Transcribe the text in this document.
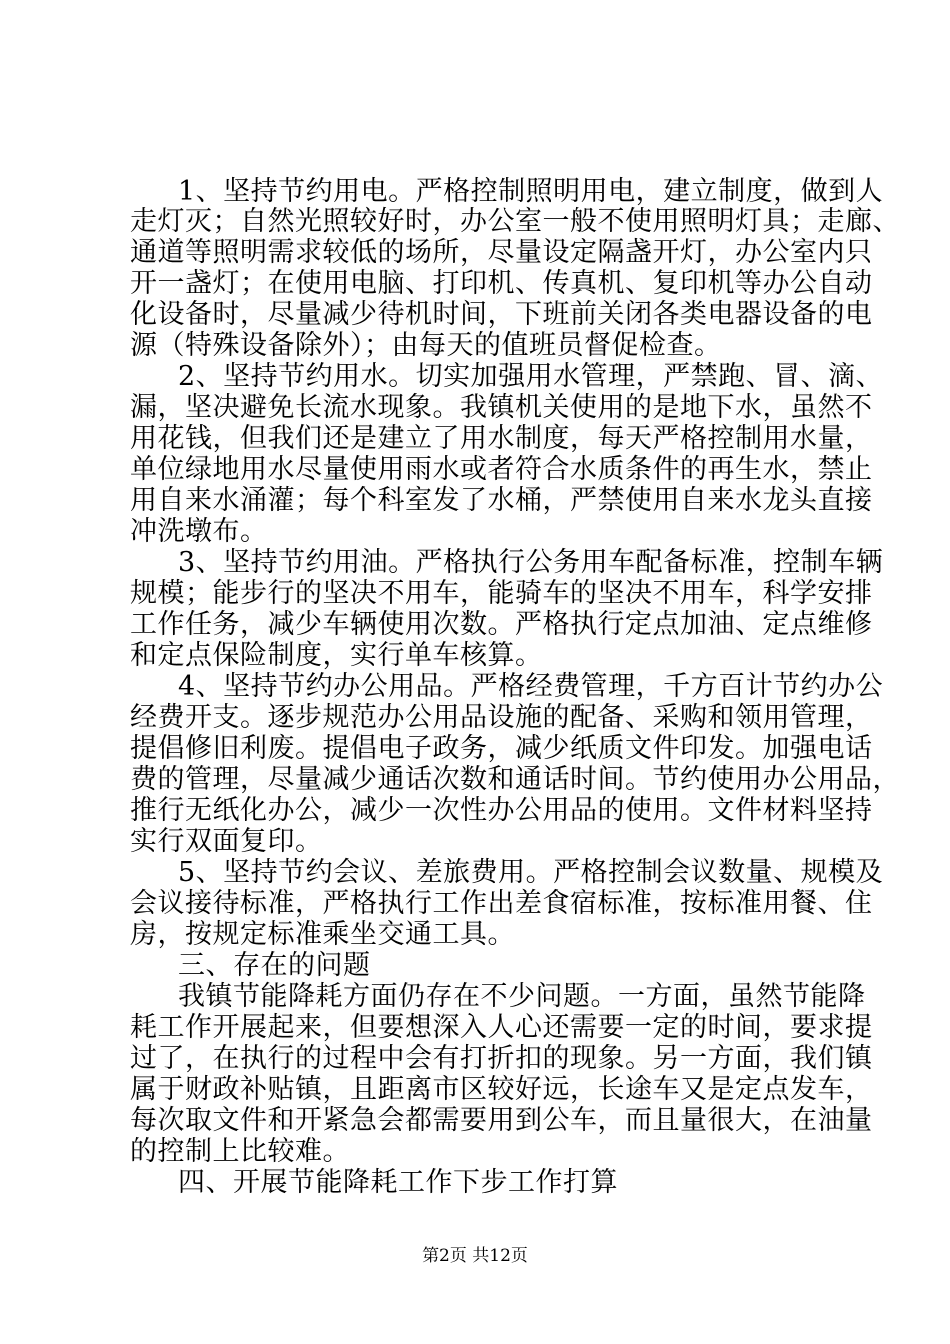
1、坚持节约用电。严格控制照明用电，建立制度，做到人
走灯灭；自然光照较好时，办公室一般不使用照明灯具；走廊、
通道等照明需求较低的场所，尽量设定隔盏开灯，办公室内只
开一盏灯；在使用电脑、打印机、传真机、复印机等办公自动
化设备时，尽量减少待机时间，下班前关闭各类电器设备的电
源（特殊设备除外）；由每天的值班员督促检查。
2、坚持节约用水。切实加强用水管理，严禁跑、冒、滴、
漏，坚决避免长流水现象。我镇机关使用的是地下水，虽然不
用花钱，但我们还是建立了用水制度，每天严格控制用水量，
单位绿地用水尽量使用雨水或者符合水质条件的再生水，禁止
用自来水涌灌；每个科室发了水桶，严禁使用自来水龙头直接
冲洗墩布。
3、坚持节约用油。严格执行公务用车配备标准，控制车辆
规模；能步行的坚决不用车，能骑车的坚决不用车，科学安排
工作任务，减少车辆使用次数。严格执行定点加油、定点维修
和定点保险制度，实行单车核算。
4、坚持节约办公用品。严格经费管理，千方百计节约办公
经费开支。逐步规范办公用品设施的配备、采购和领用管理，
提倡修旧利废。提倡电子政务，减少纸质文件印发。加强电话
费的管理，尽量减少通话次数和通话时间。节约使用办公用品，
推行无纸化办公，减少一次性办公用品的使用。文件材料坚持
实行双面复印。
5、坚持节约会议、差旅费用。严格控制会议数量、规模及
会议接待标准，严格执行工作出差食宿标准，按标准用餐、住
房，按规定标准乘坐交通工具。
三、存在的问题
我镇节能降耗方面仍存在不少问题。一方面，虽然节能降
耗工作开展起来，但要想深入人心还需要一定的时间，要求提
过了，在执行的过程中会有打折扣的现象。另一方面，我们镇
属于财政补贴镇，且距离市区较好远，长途车又是定点发车，
每次取文件和开紧急会都需要用到公车，而且量很大，在油量
的控制上比较难。
四、开展节能降耗工作下步工作打算
第2页 共12页
